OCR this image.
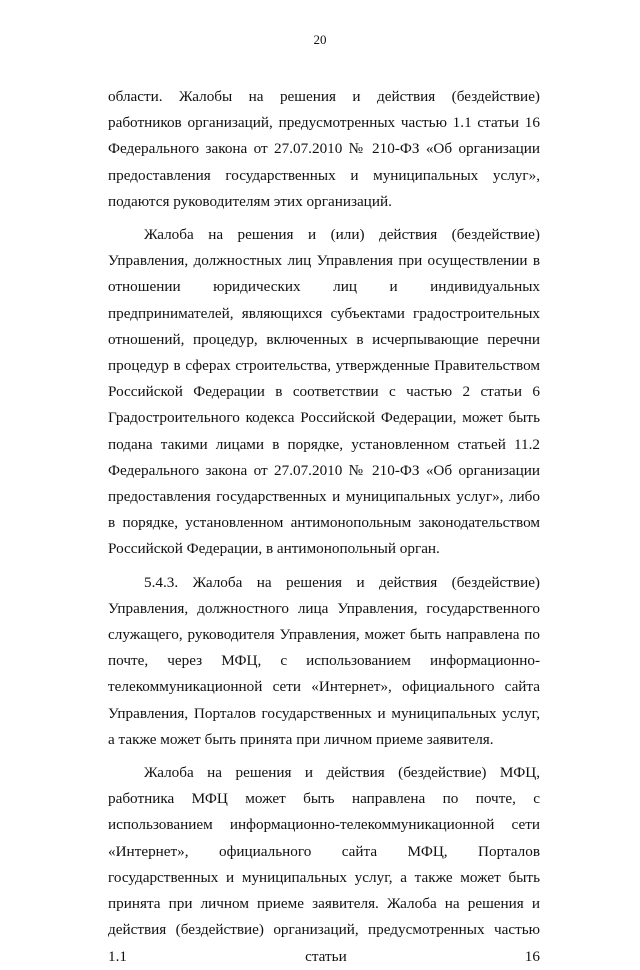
20

области. Жалобы на решения и действия (бездействие) работников организаций, предусмотренных частью 1.1 статьи 16 Федерального закона от 27.07.2010 № 210-ФЗ «Об организации предоставления государственных и муниципальных услуг», подаются руководителям этих организаций.

Жалоба на решения и (или) действия (бездействие) Управления, должностных лиц Управления при осуществлении в отношении юридических лиц и индивидуальных предпринимателей, являющихся субъектами градостроительных отношений, процедур, включенных в исчерпывающие перечни процедур в сферах строительства, утвержденные Правительством Российской Федерации в соответствии с частью 2 статьи 6 Градостроительного кодекса Российской Федерации, может быть подана такими лицами в порядке, установленном статьей 11.2 Федерального закона от 27.07.2010 № 210-ФЗ «Об организации предоставления государственных и муниципальных услуг», либо в порядке, установленном антимонопольным законодательством Российской Федерации, в антимонопольный орган.

5.4.3. Жалоба на решения и действия (бездействие) Управления, должностного лица Управления, государственного служащего, руководителя Управления, может быть направлена по почте, через МФЦ, с использованием информационно-телекоммуникационной сети «Интернет», официального сайта Управления, Порталов государственных и муниципальных услуг, а также может быть принята при личном приеме заявителя.

Жалоба на решения и действия (бездействие) МФЦ, работника МФЦ может быть направлена по почте, с использованием информационно-телекоммуникационной сети «Интернет», официального сайта МФЦ, Порталов государственных и муниципальных услуг, а также может быть принята при личном приеме заявителя. Жалоба на решения и действия (бездействие) организаций, предусмотренных частью 1.1 статьи 16
